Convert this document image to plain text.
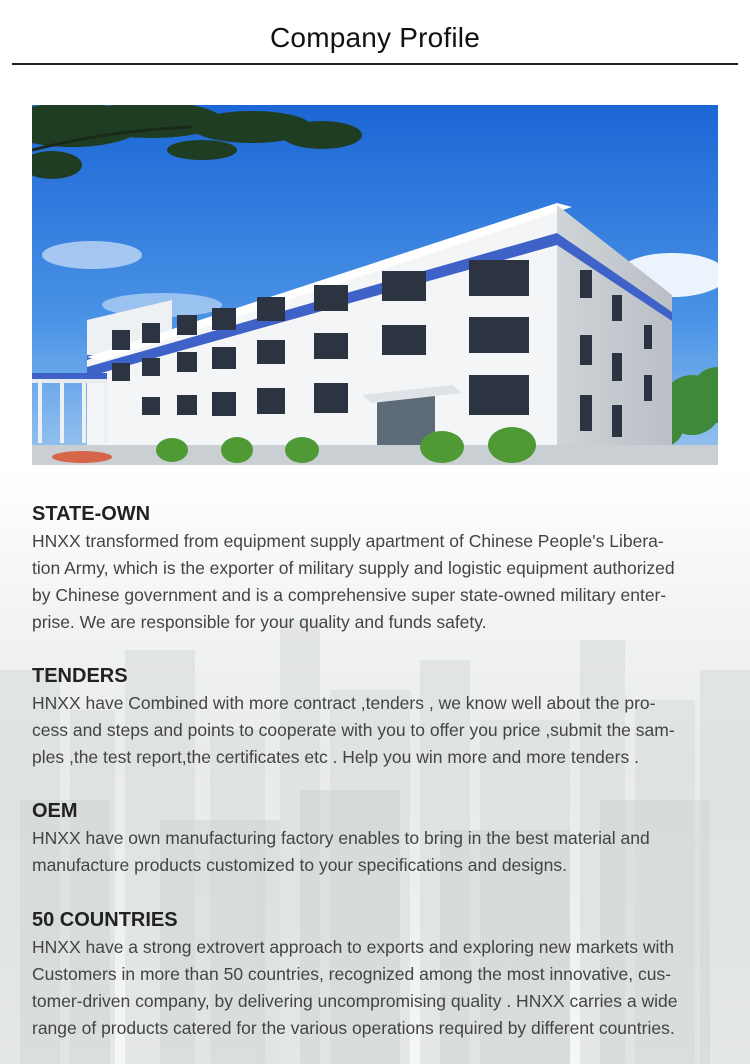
Company Profile
STATE-OWN

HNXX transformed from equipment supply apartment of Chinese People's Libera-

tion Army, which is the exporter of military supply and logistic equipment authorized

by Chinese government and is a comprehensive super state-owned military enter-

prise. We are responsible for your quality and funds safety.

TENDERS

HNXX have Combined with more contract ,tenders , we know well about the pro-

cess and steps and points to cooperate with you to offer you price ,submit the sam-

ples ,the test report,the certificates etc . Help you win more and more tenders .

OEM

HNXX have own manufacturing factory enables to bring in the best material and

manufacture products customized to your specifications and designs.

50 COUNTRIES

HNXX have a strong extrovert approach to exports and exploring new markets with

Customers in more than 50 countries, recognized among the most innovative, cus-

tomer-driven company, by delivering uncompromising quality . HNXX carries a wide

range of products catered for the various operations required by different countries.
